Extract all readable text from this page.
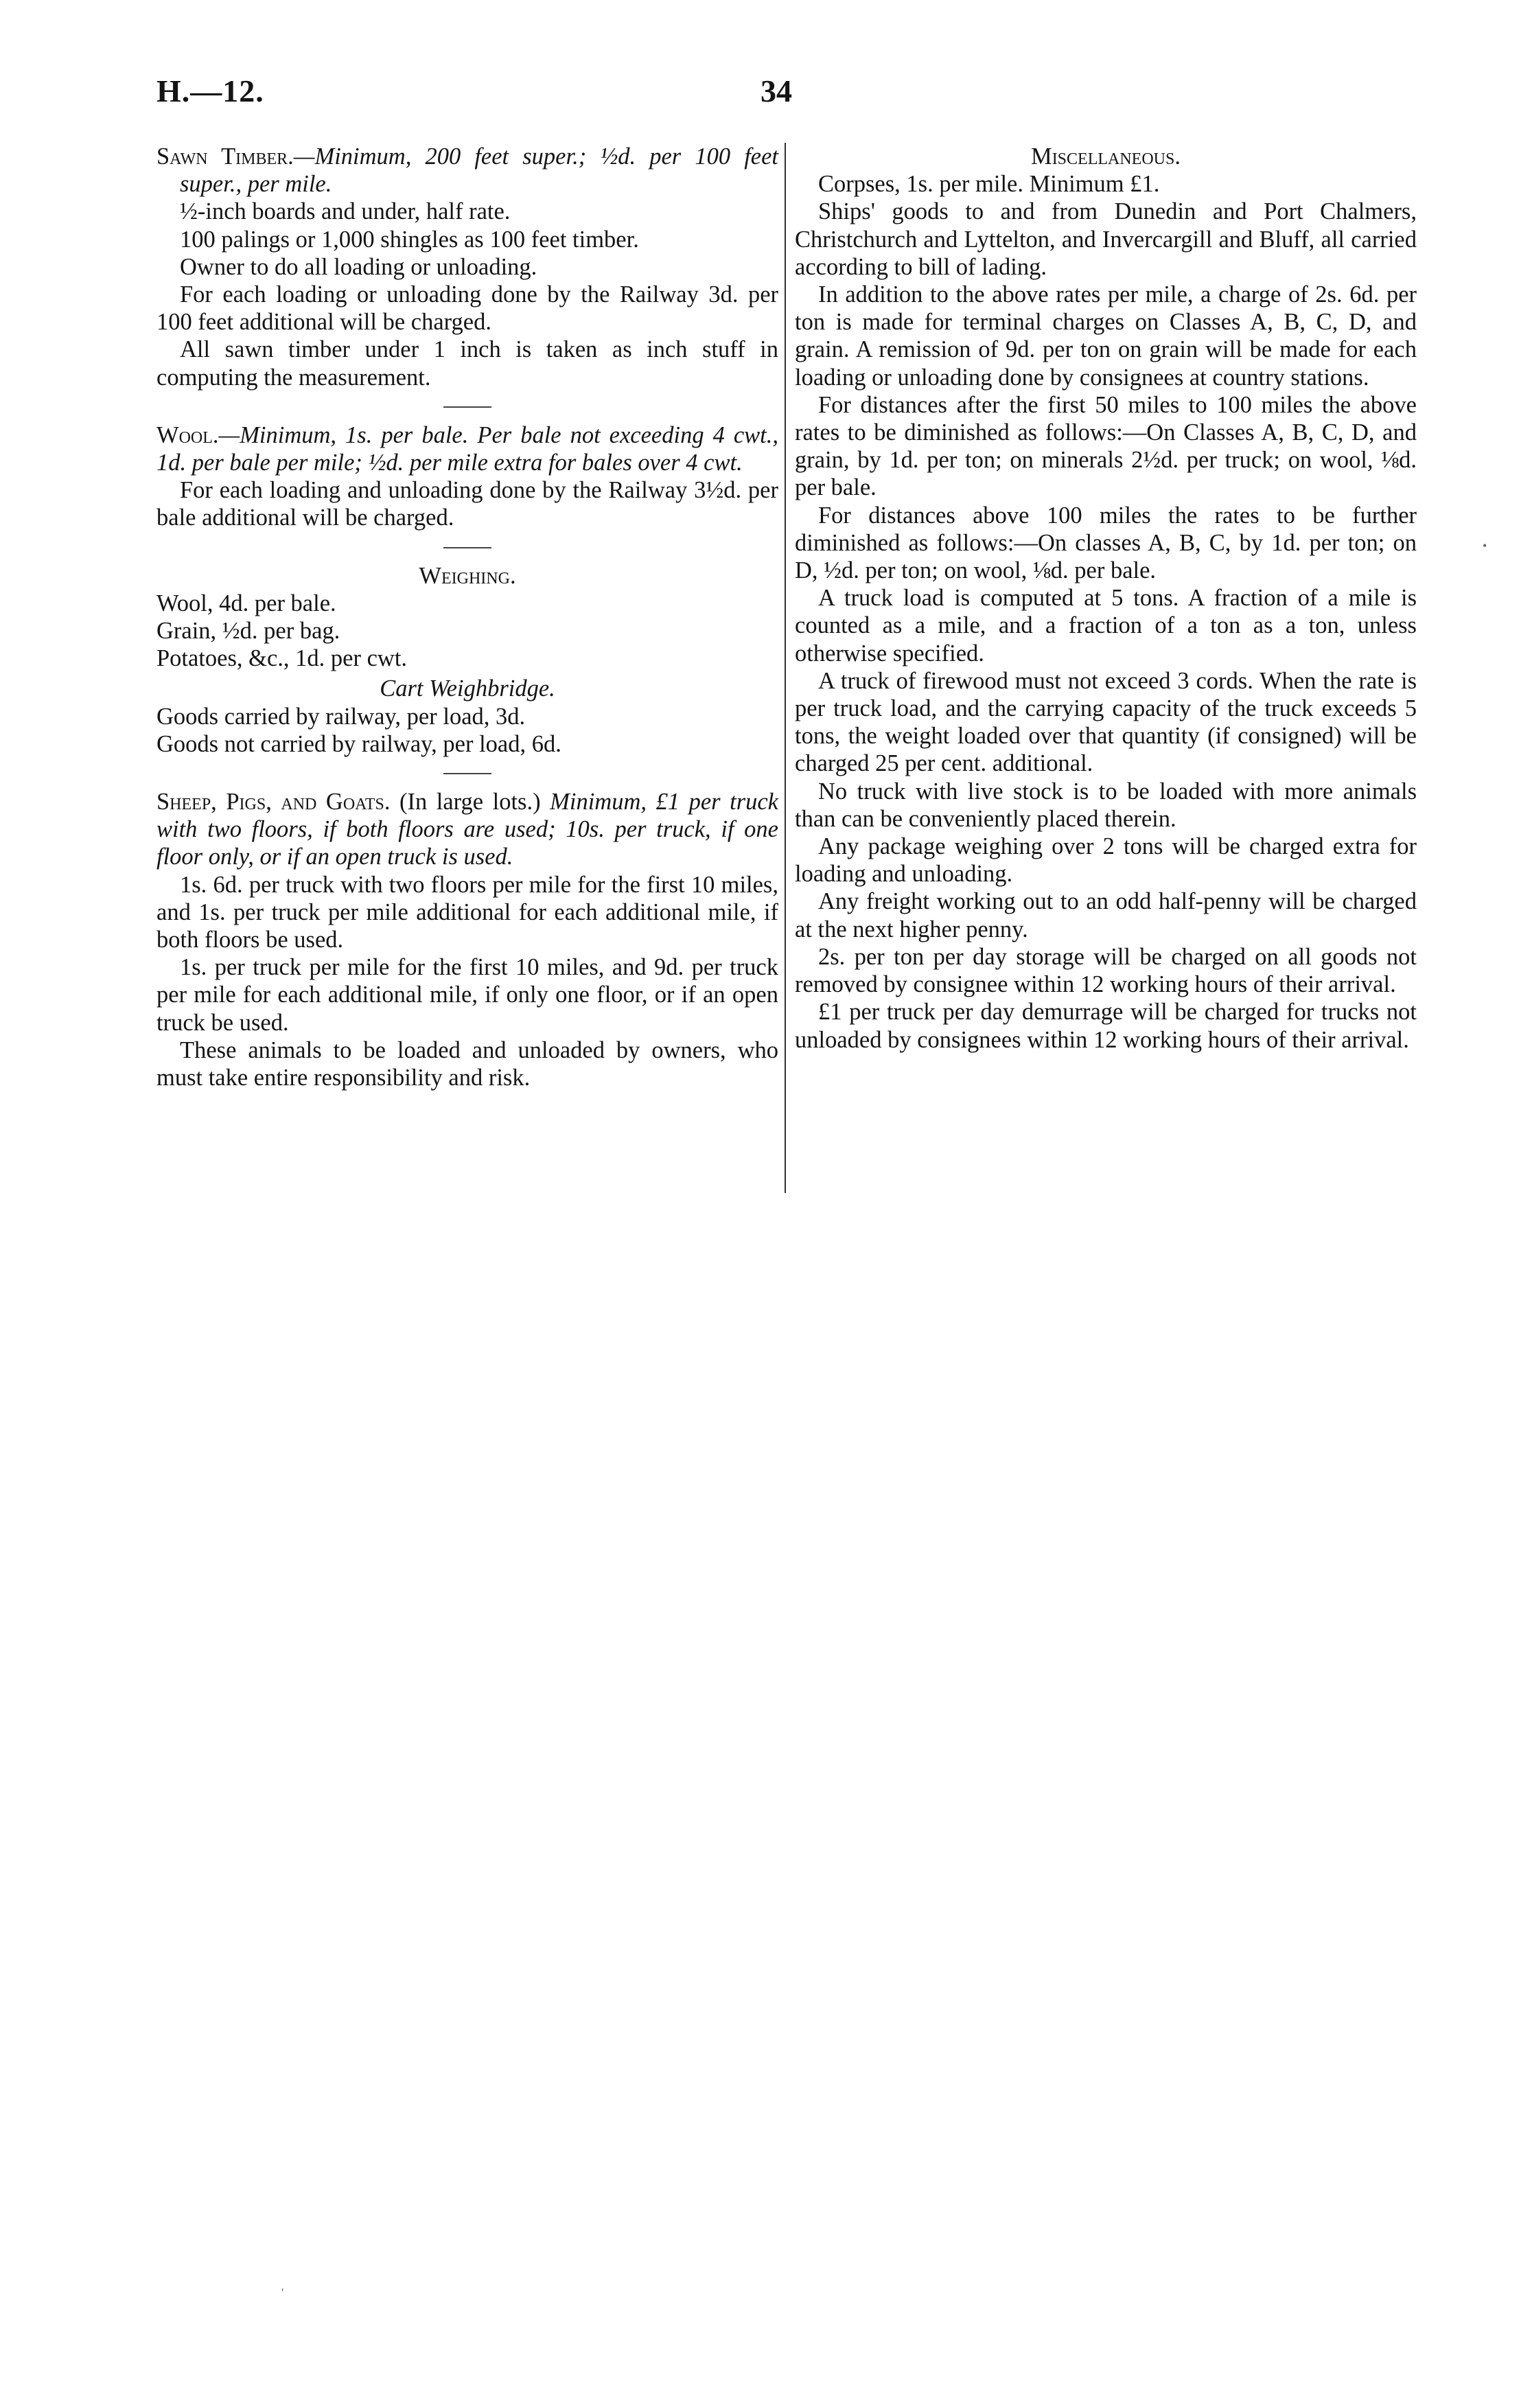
H.—12.	34

Sawn Timber.—Minimum, 200 feet super.; ½d. per 100 feet super., per mile.

½-inch boards and under, half rate.

100 palings or 1,000 shingles as 100 feet timber.

Owner to do all loading or unloading.

For each loading or unloading done by the Railway 3d. per 100 feet additional will be charged.

All sawn timber under 1 inch is taken as inch stuff in computing the measurement.

Wool.—Minimum, 1s. per bale. Per bale not exceeding 4 cwt., 1d. per bale per mile; ½d. per mile extra for bales over 4 cwt.

For each loading and unloading done by the Railway 3½d. per bale additional will be charged.

Weighing.

Wool, 4d. per bale.

Grain, ½d. per bag.

Potatoes, &c., 1d. per cwt.

Cart Weighbridge.

Goods carried by railway, per load, 3d.

Goods not carried by railway, per load, 6d.

Sheep, Pigs, and Goats. (In large lots.) Minimum, £1 per truck with two floors, if both floors are used; 10s. per truck, if one floor only, or if an open truck is used.

1s. 6d. per truck with two floors per mile for the first 10 miles, and 1s. per truck per mile additional for each additional mile, if both floors be used.

1s. per truck per mile for the first 10 miles, and 9d. per truck per mile for each additional mile, if only one floor, or if an open truck be used.

These animals to be loaded and unloaded by owners, who must take entire responsibility and risk.

Miscellaneous.

Corpses, 1s. per mile. Minimum £1.

Ships' goods to and from Dunedin and Port Chalmers, Christchurch and Lyttelton, and Invercargill and Bluff, all carried according to bill of lading.

In addition to the above rates per mile, a charge of 2s. 6d. per ton is made for terminal charges on Classes A, B, C, D, and grain. A remission of 9d. per ton on grain will be made for each loading or unloading done by consignees at country stations.

For distances after the first 50 miles to 100 miles the above rates to be diminished as follows:—On Classes A, B, C, D, and grain, by 1d. per ton; on minerals 2½d. per truck; on wool, ⅛d. per bale.

For distances above 100 miles the rates to be further diminished as follows:—On classes A, B, C, by 1d. per ton; on D, ½d. per ton; on wool, ⅛d. per bale.

A truck load is computed at 5 tons. A fraction of a mile is counted as a mile, and a fraction of a ton as a ton, unless otherwise specified.

A truck of firewood must not exceed 3 cords. When the rate is per truck load, and the carrying capacity of the truck exceeds 5 tons, the weight loaded over that quantity (if consigned) will be charged 25 per cent. additional.

No truck with live stock is to be loaded with more animals than can be conveniently placed therein.

Any package weighing over 2 tons will be charged extra for loading and unloading.

Any freight working out to an odd half-penny will be charged at the next higher penny.

2s. per ton per day storage will be charged on all goods not removed by consignee within 12 working hours of their arrival.

£1 per truck per day demurrage will be charged for trucks not unloaded by consignees within 12 working hours of their arrival.

•
'
